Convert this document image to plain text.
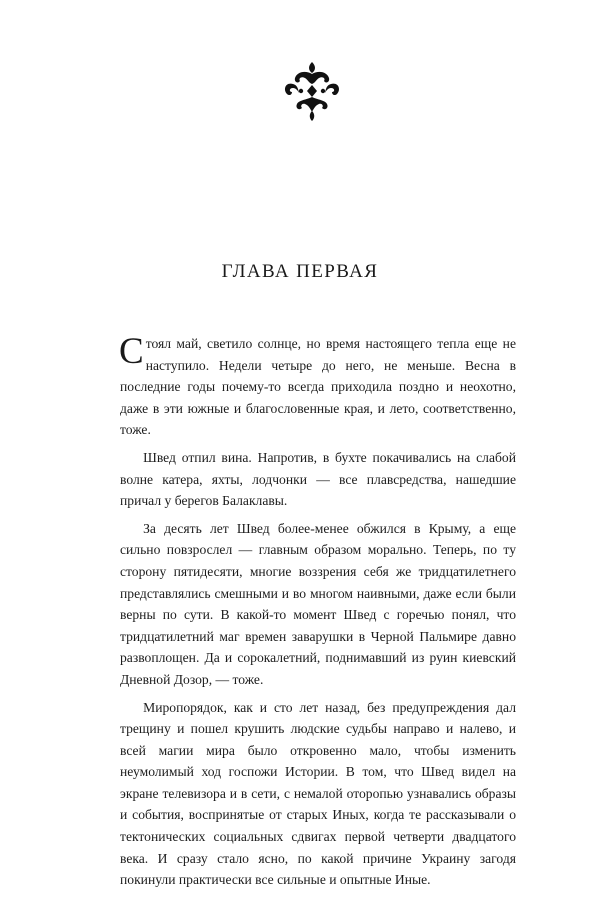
ГЛАВА ПЕРВАЯ

Стоял май, светило солнце, но время настоящего тепла еще не наступило. Недели четыре до него, не меньше. Весна в последние годы почему-то всегда приходила поздно и неохотно, даже в эти южные и благословенные края, и лето, соответственно, тоже.

Швед отпил вина. Напротив, в бухте покачивались на слабой волне катера, яхты, лодчонки — все плавсредства, нашедшие причал у берегов Балаклавы.

За десять лет Швед более-менее обжился в Крыму, а еще сильно повзрослел — главным образом морально. Теперь, по ту сторону пятидесяти, многие воззрения себя же тридцатилетнего представлялись смешными и во многом наивными, даже если были верны по сути. В какой-то момент Швед с горечью понял, что тридцатилетний маг времен заварушки в Черной Пальмире давно развоплощен. Да и сорокалетний, поднимавший из руин киевский Дневной Дозор, — тоже.

Миропорядок, как и сто лет назад, без предупреждения дал трещину и пошел крушить людские судьбы направо и налево, и всей магии мира было откровенно мало, чтобы изменить неумолимый ход госпожи Истории. В том, что Швед видел на экране телевизора и в сети, с немалой оторопью узнавались образы и события, воспринятые от старых Иных, когда те рассказывали о тектонических социальных сдвигах первой четверти двадцатого века. И сразу стало ясно, по какой причине Украину загодя покинули практически все сильные и опытные Иные.
